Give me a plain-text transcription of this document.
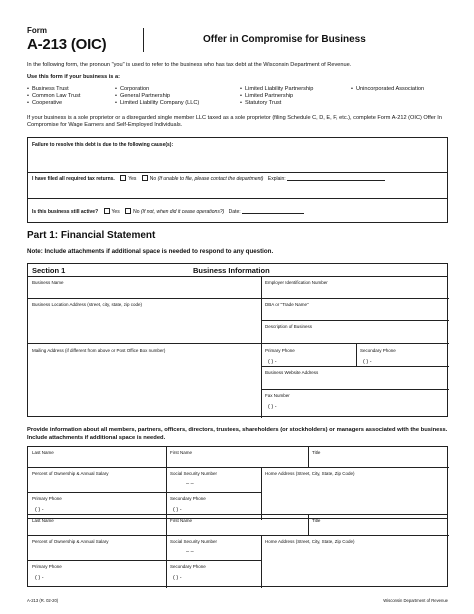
Form
A-213 (OIC)	Offer in Compromise for Business
In the following form, the pronoun "you" is used to refer to the business who has tax debt at the Wisconsin Department of Revenue.
Use this form if your business is a:
• Business Trust
• Common Law Trust
• Cooperative
• Corporation
• General Partnership
• Limited Liability Company (LLC)
• Limited Liability Partnership
• Limited Partnership
• Statutory Trust
• Unincorporated Association
If your business is a sole proprietor or a disregarded single member LLC taxed as a sole proprietor (filing Schedule C, D, E, F, etc.), complete Form A-212 (OIC) Offer In Compromise for Wage Earners and Self-Employed Individuals.
Failure to resolve this debt is due to the following cause(s):
I have filed all required tax returns.	Yes	No (If unable to file, please contact the department) Explain:
Is this business still active?	Yes	No (If not, when did it cease operations?) Date:
Part 1: Financial Statement
Note: Include attachments if additional space is needed to respond to any question.
Section 1	Business Information
Business Name	Employer Identification Number
Business Location Address (street, city, state, zip code)	DBA or "Trade Name"
Description of Business
Mailing Address (if different from above or Post Office Box number)	Primary Phone
( ) -
Secondary Phone
( ) -
Business Website Address
Fax Number
( ) -
Provide information about all members, partners, officers, directors, trustees, shareholders (or stockholders) or managers associated with the business. Include attachments if additional space is needed.
Last Name	First Name	Title
Percent of Ownership & Annual Salary	Social Security Number
– –
Home Address (Street, City, State, Zip Code)
Primary Phone
( ) -
Secondary Phone
( ) -
Last Name	First Name	Title
Percent of Ownership & Annual Salary	Social Security Number
– –
Home Address (Street, City, State, Zip Code)
Primary Phone
( ) -
Secondary Phone
( ) -
A-213 (R. 02-20)	Wisconsin Department of Revenue
